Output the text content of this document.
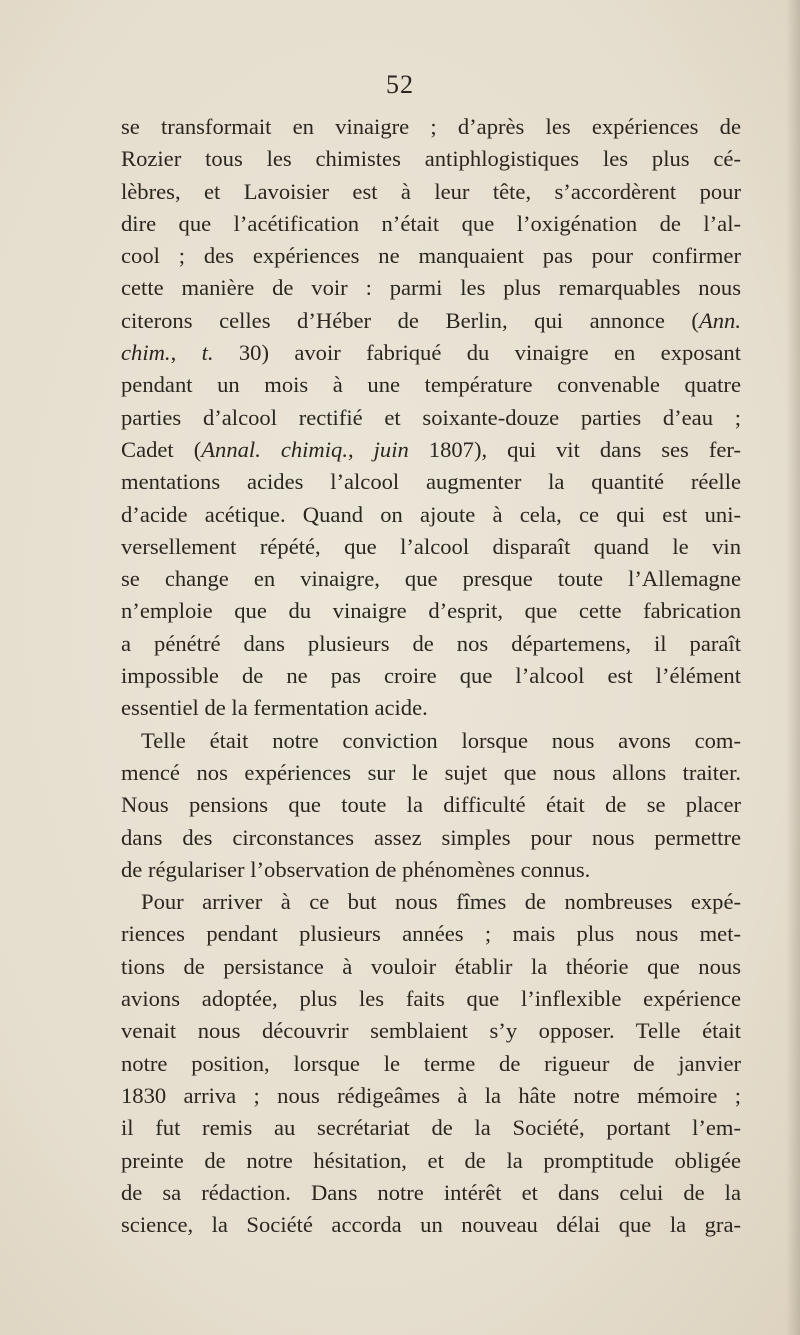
52
se transformait en vinaigre ; d’après les expériences de
Rozier tous les chimistes antiphlogistiques les plus cé-
lèbres, et Lavoisier est à leur tête, s’accordèrent pour
dire que l’acétification n’était que l’oxigénation de l’al-
cool ; des expériences ne manquaient pas pour confirmer
cette manière de voir : parmi les plus remarquables nous
citerons celles d’Héber de Berlin, qui annonce (Ann.
chim., t. 30) avoir fabriqué du vinaigre en exposant
pendant un mois à une température convenable quatre
parties d’alcool rectifié et soixante-douze parties d’eau ;
Cadet (Annal. chimiq., juin 1807), qui vit dans ses fer-
mentations acides l’alcool augmenter la quantité réelle
d’acide acétique. Quand on ajoute à cela, ce qui est uni-
versellement répété, que l’alcool disparaît quand le vin
se change en vinaigre, que presque toute l’Allemagne
n’emploie que du vinaigre d’esprit, que cette fabrication
a pénétré dans plusieurs de nos départemens, il paraît
impossible de ne pas croire que l’alcool est l’élément
essentiel de la fermentation acide.
Telle était notre conviction lorsque nous avons com-
mencé nos expériences sur le sujet que nous allons traiter.
Nous pensions que toute la difficulté était de se placer
dans des circonstances assez simples pour nous permettre
de régulariser l’observation de phénomènes connus.
Pour arriver à ce but nous fîmes de nombreuses expé-
riences pendant plusieurs années ; mais plus nous met-
tions de persistance à vouloir établir la théorie que nous
avions adoptée, plus les faits que l’inflexible expérience
venait nous découvrir semblaient s’y opposer. Telle était
notre position, lorsque le terme de rigueur de janvier
1830 arriva ; nous rédigeâmes à la hâte notre mémoire ;
il fut remis au secrétariat de la Société, portant l’em-
preinte de notre hésitation, et de la promptitude obligée
de sa rédaction. Dans notre intérêt et dans celui de la
science, la Société accorda un nouveau délai que la gra-
